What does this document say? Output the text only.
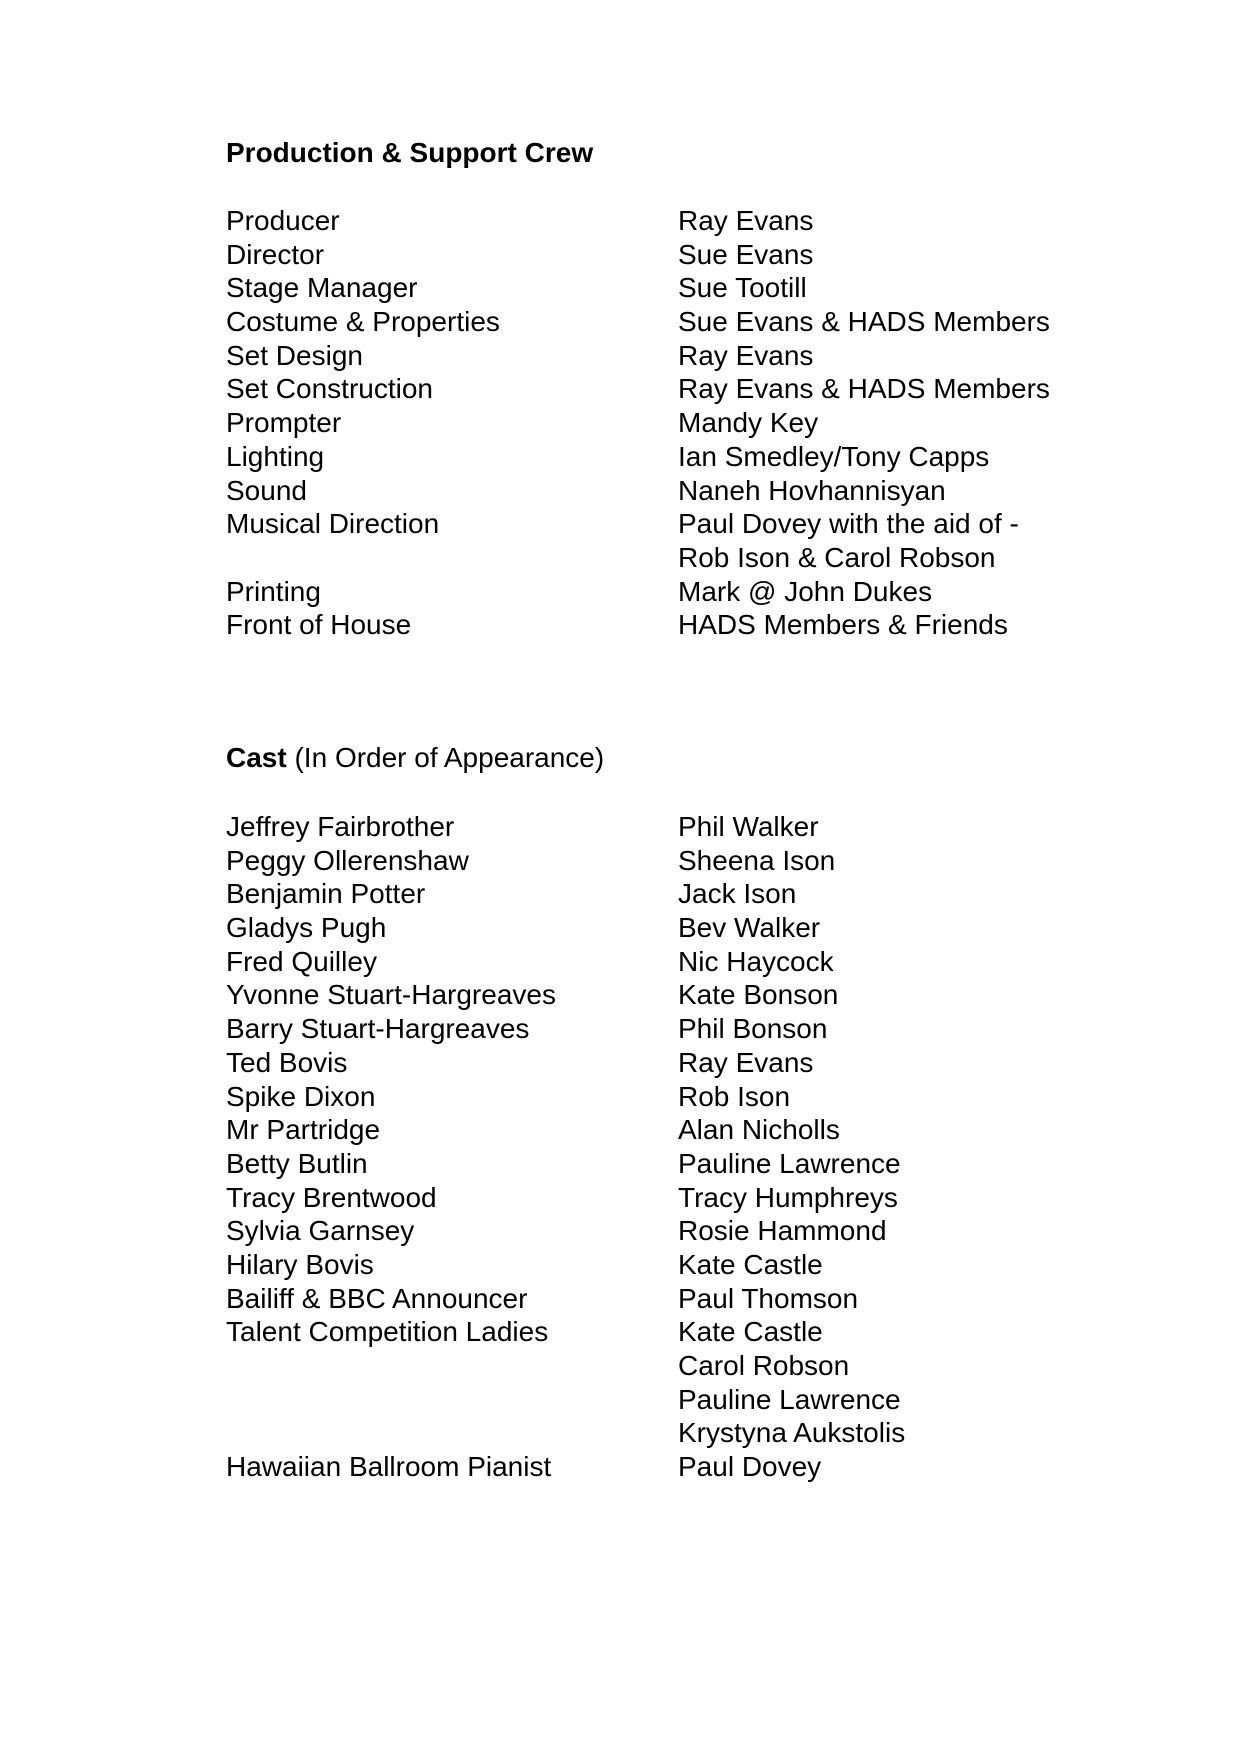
Production & Support Crew
Producer	Ray Evans
Director	Sue Evans
Stage Manager	Sue Tootill
Costume & Properties	Sue Evans & HADS Members
Set Design	Ray Evans
Set Construction	Ray Evans & HADS Members
Prompter	Mandy Key
Lighting	Ian Smedley/Tony Capps
Sound	Naneh Hovhannisyan
Musical Direction	Paul Dovey with the aid of -
Rob Ison & Carol Robson
Printing	Mark @ John Dukes
Front of House	HADS Members & Friends
Cast (In Order of Appearance)
Jeffrey Fairbrother	Phil Walker
Peggy Ollerenshaw	Sheena Ison
Benjamin Potter	Jack Ison
Gladys Pugh	Bev Walker
Fred Quilley	Nic Haycock
Yvonne Stuart-Hargreaves	Kate Bonson
Barry Stuart-Hargreaves	Phil Bonson
Ted Bovis	Ray Evans
Spike Dixon	Rob Ison
Mr Partridge	Alan Nicholls
Betty Butlin	Pauline Lawrence
Tracy Brentwood	Tracy Humphreys
Sylvia Garnsey	Rosie Hammond
Hilary Bovis	Kate Castle
Bailiff & BBC Announcer	Paul Thomson
Talent Competition Ladies	Kate Castle
Carol Robson
Pauline Lawrence
Krystyna Aukstolis
Hawaiian Ballroom Pianist	Paul Dovey
